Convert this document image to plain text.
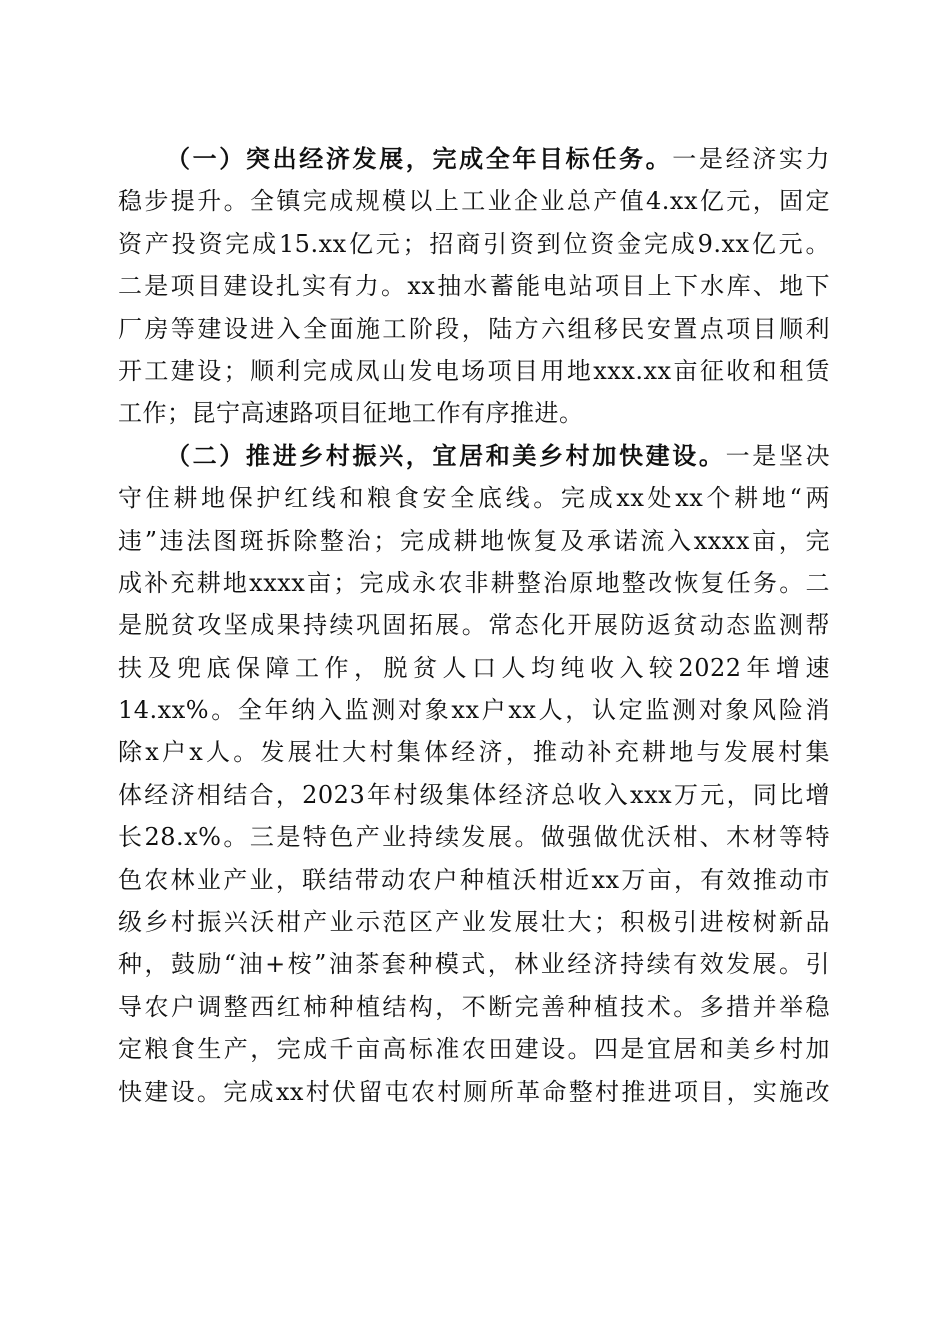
（一）突出经济发展，完成全年目标任务。一是经济实力
稳步提升。全镇完成规模以上工业企业总产值4.xx亿元，固定
资产投资完成15.xx亿元；招商引资到位资金完成9.xx亿元。
二是项目建设扎实有力。xx抽水蓄能电站项目上下水库、地下
厂房等建设进入全面施工阶段，陆方六组移民安置点项目顺利
开工建设；顺利完成凤山发电场项目用地xxx.xx亩征收和租赁
工作；昆宁高速路项目征地工作有序推进。
（二）推进乡村振兴，宜居和美乡村加快建设。一是坚决
守住耕地保护红线和粮食安全底线。完成xx处xx个耕地“两
违”违法图斑拆除整治；完成耕地恢复及承诺流入xxxx亩，完
成补充耕地xxxx亩；完成永农非耕整治原地整改恢复任务。二
是脱贫攻坚成果持续巩固拓展。常态化开展防返贫动态监测帮
扶及兜底保障工作，脱贫人口人均纯收入较2022年增速
14.xx%。全年纳入监测对象xx户xx人，认定监测对象风险消
除x户x人。发展壮大村集体经济，推动补充耕地与发展村集
体经济相结合，2023年村级集体经济总收入xxx万元，同比增
长28.x%。三是特色产业持续发展。做强做优沃柑、木材等特
色农林业产业，联结带动农户种植沃柑近xx万亩，有效推动市
级乡村振兴沃柑产业示范区产业发展壮大；积极引进桉树新品
种，鼓励“油+桉”油茶套种模式，林业经济持续有效发展。引
导农户调整西红柿种植结构，不断完善种植技术。多措并举稳
定粮食生产，完成千亩高标准农田建设。四是宜居和美乡村加
快建设。完成xx村伏留屯农村厕所革命整村推进项目，实施改
